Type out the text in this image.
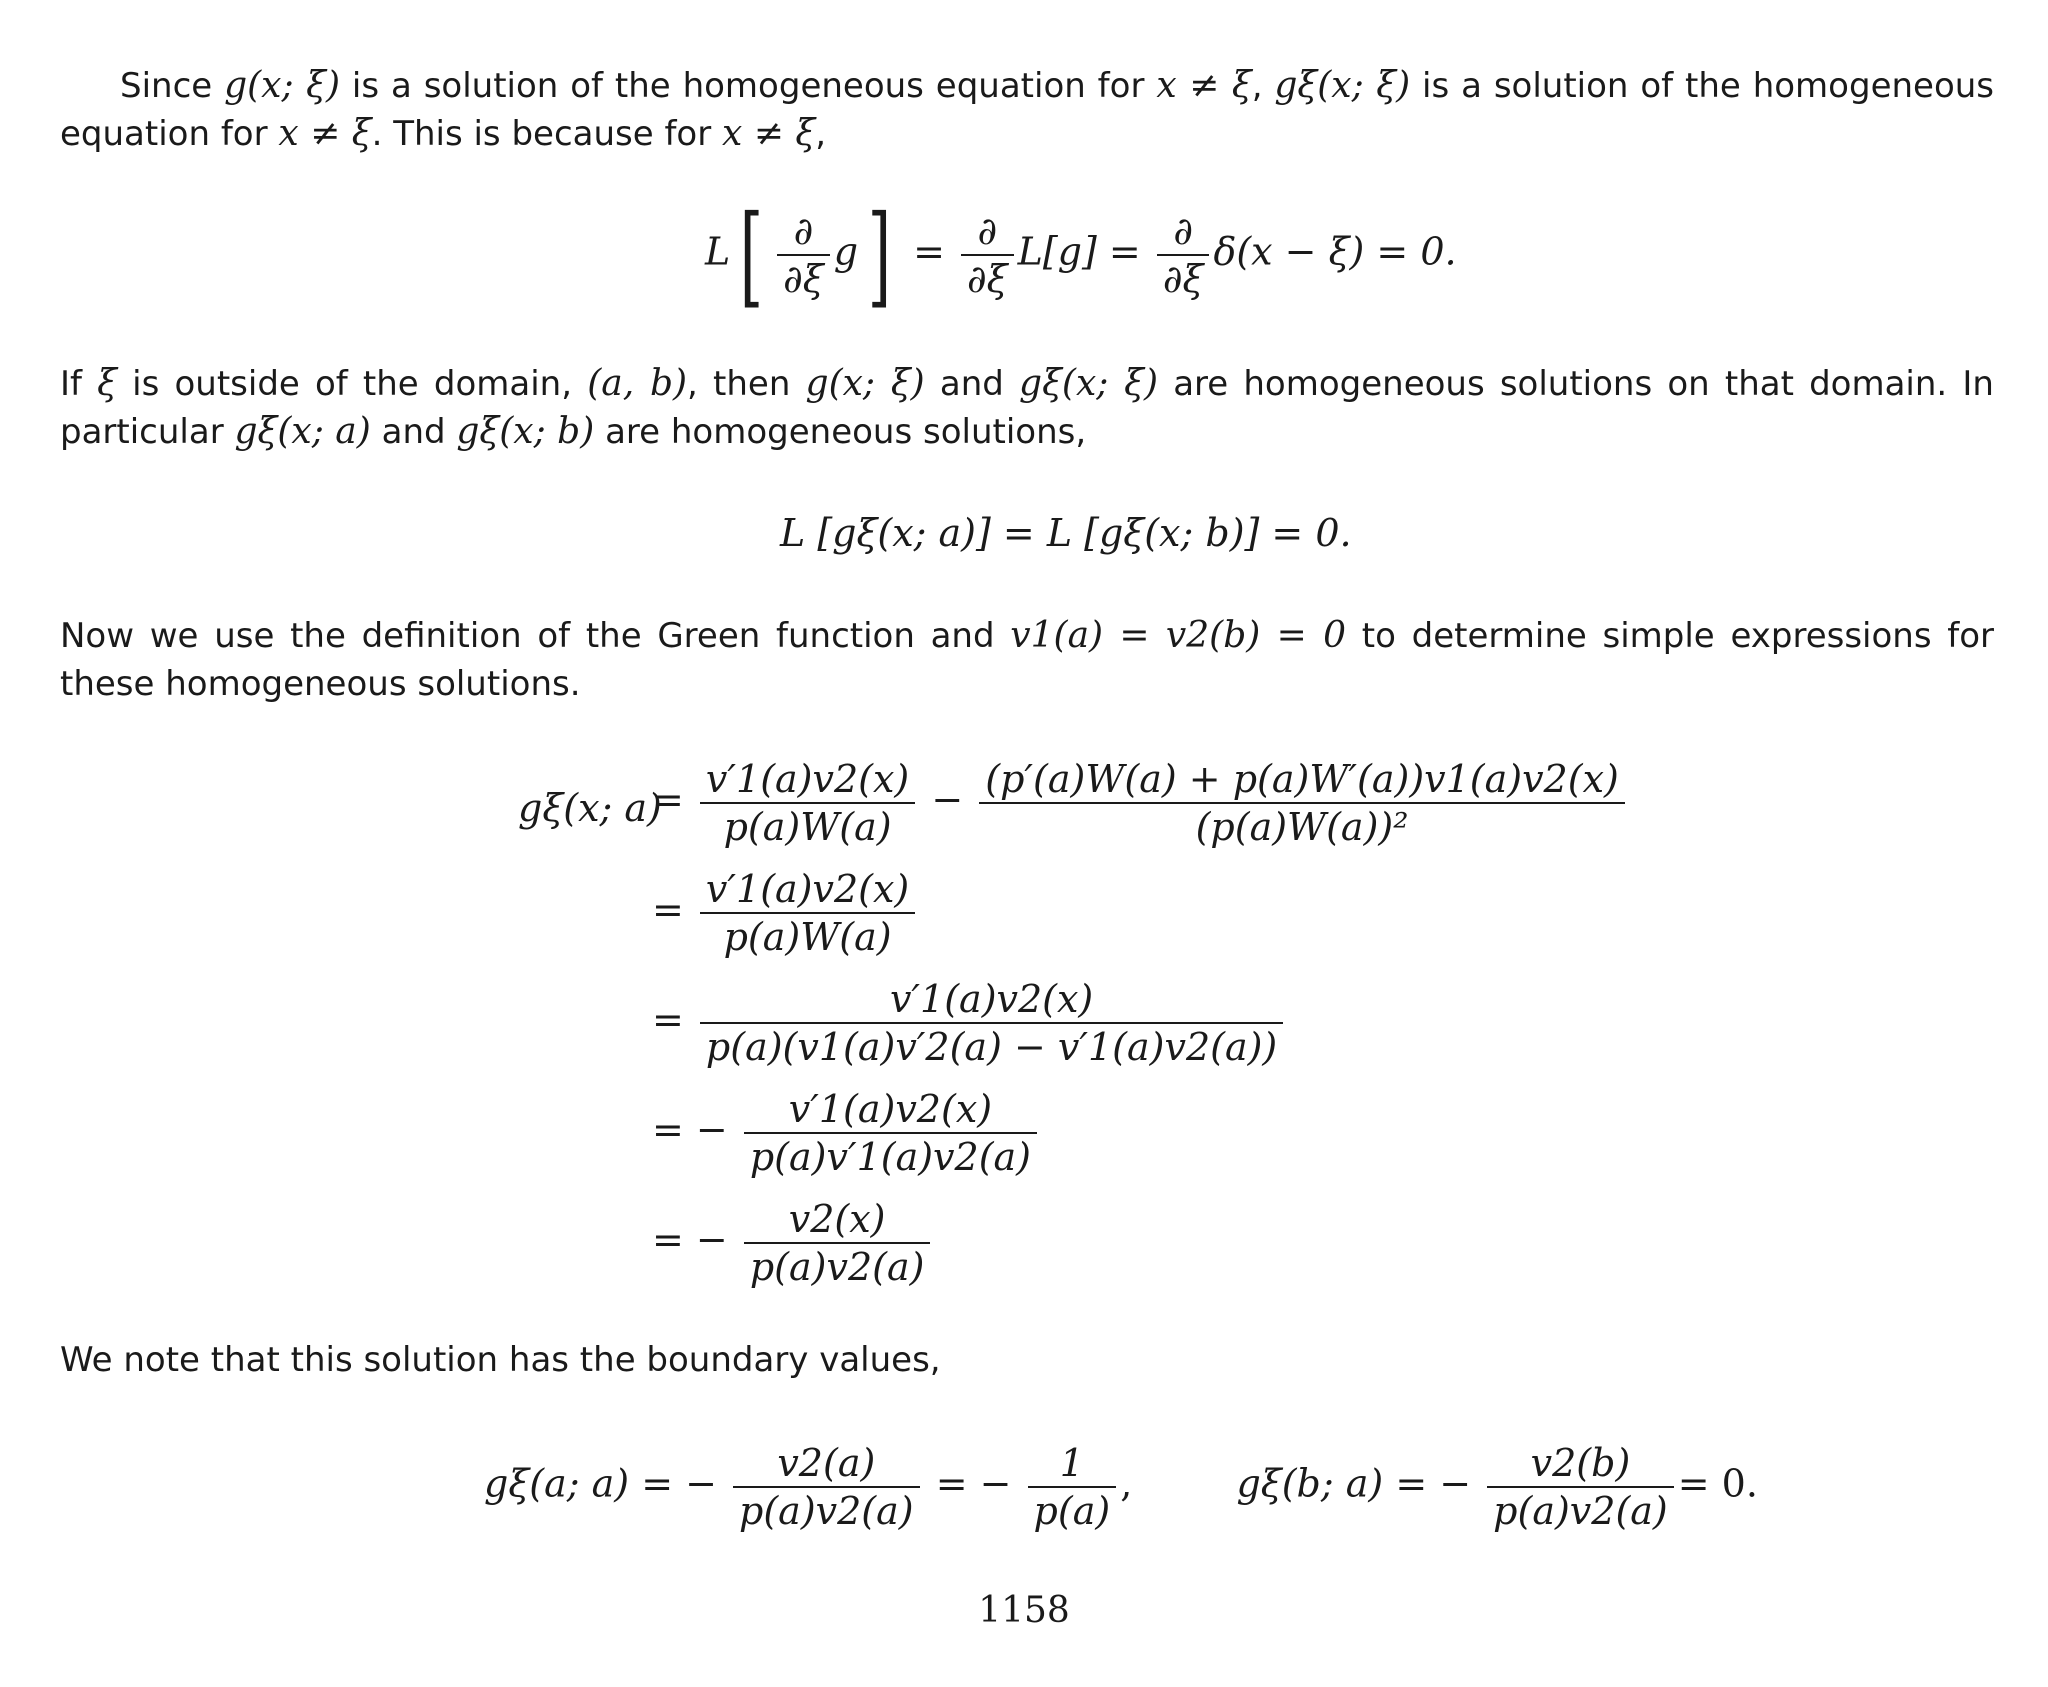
Since g(x; ξ) is a solution of the homogeneous equation for x ≠ ξ, gξ(x; ξ) is a solution of the homogeneous equation for x ≠ ξ. This is because for x ≠ ξ,

$L[ \frac{\partial}{\partial\xi} g] = \frac{\partial}{\partial\xi} L[g] = \frac{\partial}{\partial\xi} \delta(x - \xi) = 0$.

If ξ is outside of the domain, (a, b), then g(x; ξ) and gξ(x; ξ) are homogeneous solutions on that domain. In particular gξ(x; a) and gξ(x; b) are homogeneous solutions,

L [gξ(x; a)] = L [gξ(x; b)] = 0.

Now we use the definition of the Green function and v1(a) = v2(b) = 0 to determine simple expressions for these homogeneous solutions.

gξ(x; a)
= $\frac{v'1(a)v2(x)}{p(a)W(a)} - \frac{(p'(a)W(a) + p(a)W'(a))v1(a)v2(x)}{\text{(p(a)W(a))²}}$
= $\frac{v'1(a)v2(x)}{p(a)W(a)}$
= $\frac{v'1(a)v2(x)}{p(a)(v1(a)v'2(a) - v'1(a)v2(a))}$
= − $\frac{v'1(a)v2(x)}{p(a)v'1(a)v2(a)}$
= − $\frac{v2(x)}{p(a)v2(a)}$

We note that this solution has the boundary values,

gξ(a; a) = − $\frac{v2(a)}{p(a)v2(a)}$ = − $\frac{1}{p(a)}$ ,	gξ(b; a) = − $\frac{v2(b)}{p(a)v2(a)} = 0$.
1158
